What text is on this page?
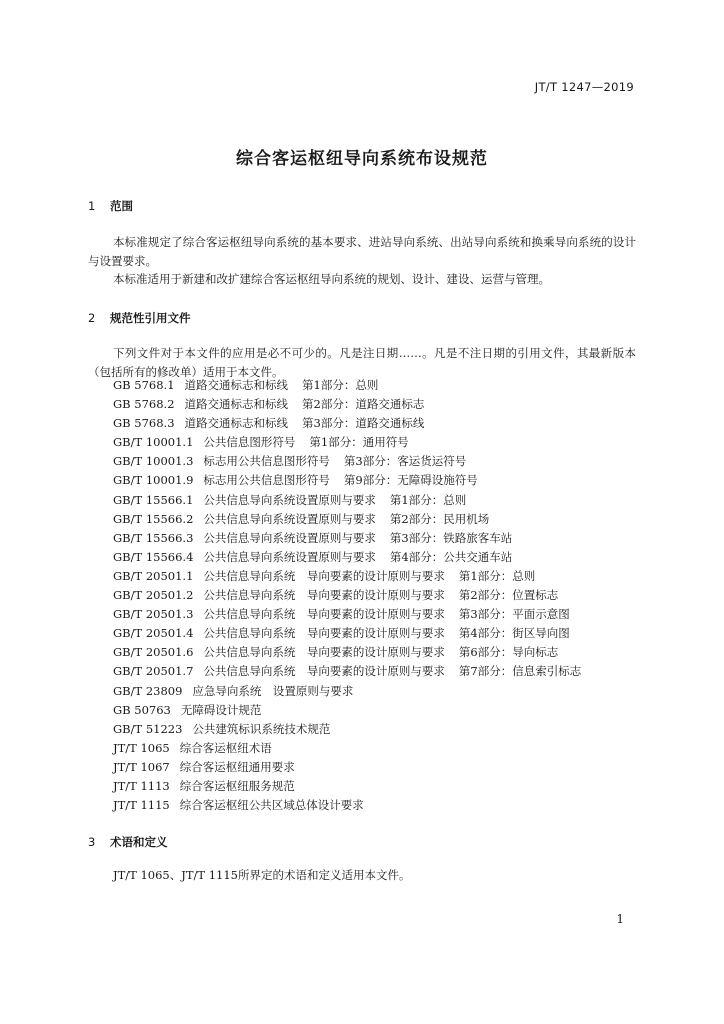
JT/T 1247—2019
综合客运枢纽导向系统布设规范
1 范围
本标准规定了综合客运枢纽导向系统的基本要求、进站导向系统、出站导向系统和换乘导向系统的设计与设置要求。
本标准适用于新建和改扩建综合客运枢纽导向系统的规划、设计、建设、运营与管理。
2 规范性引用文件
下列文件对于本文件的应用是必不可少的。凡是注日期……。凡是不注日期的引用文件，其最新版本（包括所有的修改单）适用于本文件。
GB 5768.1 道路交通标志和标线 第1部分：总则
GB 5768.2 道路交通标志和标线 第2部分：道路交通标志
GB 5768.3 道路交通标志和标线 第3部分：道路交通标线
GB/T 10001.1 公共信息图形符号 第1部分：通用符号
GB/T 10001.3 标志用公共信息图形符号 第3部分：客运货运符号
GB/T 10001.9 标志用公共信息图形符号 第9部分：无障碍设施符号
GB/T 15566.1 公共信息导向系统设置原则与要求 第1部分：总则
GB/T 15566.2 公共信息导向系统设置原则与要求 第2部分：民用机场
GB/T 15566.3 公共信息导向系统设置原则与要求 第3部分：铁路旅客车站
GB/T 15566.4 公共信息导向系统设置原则与要求 第4部分：公共交通车站
GB/T 20501.1 公共信息导向系统　导向要素的设计原则与要求 第1部分：总则
GB/T 20501.2 公共信息导向系统　导向要素的设计原则与要求 第2部分：位置标志
GB/T 20501.3 公共信息导向系统　导向要素的设计原则与要求 第3部分：平面示意图
GB/T 20501.4 公共信息导向系统　导向要素的设计原则与要求 第4部分：街区导向图
GB/T 20501.6 公共信息导向系统　导向要素的设计原则与要求 第6部分：导向标志
GB/T 20501.7 公共信息导向系统　导向要素的设计原则与要求 第7部分：信息索引标志
GB/T 23809 应急导向系统　设置原则与要求
GB 50763 无障碍设计规范
GB/T 51223 公共建筑标识系统技术规范
JT/T 1065 综合客运枢纽术语
JT/T 1067 综合客运枢纽通用要求
JT/T 1113 综合客运枢纽服务规范
JT/T 1115 综合客运枢纽公共区域总体设计要求
3 术语和定义
JT/T 1065、JT/T 1115所界定的术语和定义适用本文件。
1
